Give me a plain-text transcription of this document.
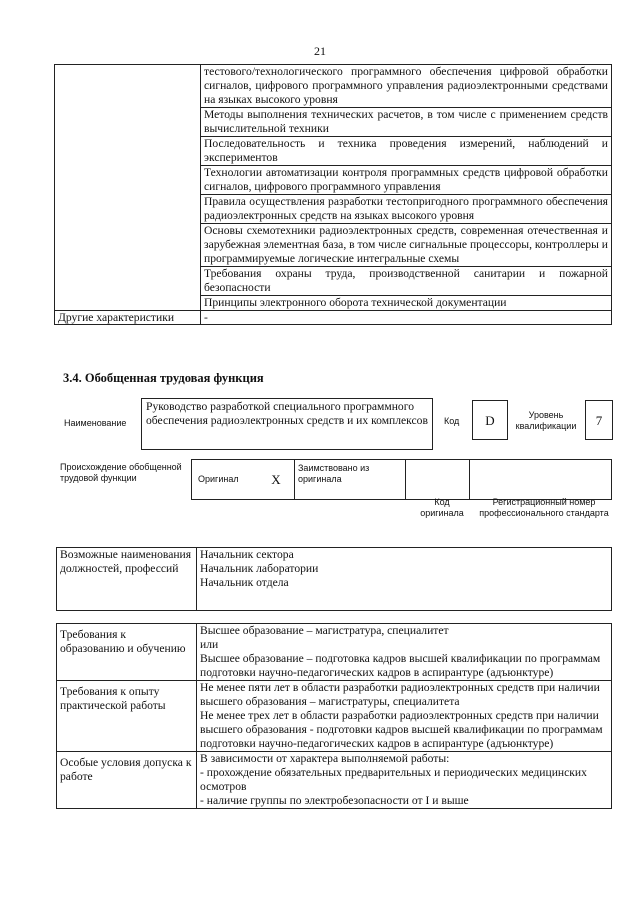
21
	тестового/технологического программного обеспечения цифровой обработки сигналов, цифрового программного управления радиоэлектронными средствами на языках высокого уровня
	Методы выполнения технических расчетов, в том числе с применением средств вычислительной техники
	Последовательность и техника проведения измерений, наблюдений и экспериментов
	Технологии автоматизации контроля программных средств цифровой обработки сигналов, цифрового программного управления
	Правила осуществления разработки тестопригодного программного обеспечения радиоэлектронных средств на языках высокого уровня
	Основы схемотехники радиоэлектронных средств, современная отечественная и зарубежная элементная база, в том числе сигнальные процессоры, контроллеры и программируемые логические интегральные схемы
	Требования охраны труда, производственной санитарии и пожарной безопасности
	Принципы электронного оборота технической документации
Другие характеристики	-
3.4. Обобщенная трудовая функция
Наименование
Руководство разработкой специального программного обеспечения радиоэлектронных средств и их комплексов	Код	D	Уровень квалификации	7
Происхождение обобщенной трудовой функции	Оригинал	X	Заимствовано из оригинала		
Код оригинала
Регистрационный номер профессионального стандарта
Возможные наименования должностей, профессий	
Начальник сектора
Начальник лаборатории
Начальник отдела
Требования к образованию и обучению	Высшее образование – магистратура, специалитет
или
Высшее образование – подготовка кадров высшей квалификации по программам подготовки научно-педагогических кадров в аспирантуре (адъюнктуре)

Требования к опыту практической работы	Не менее пяти лет в области разработки радиоэлектронных средств при наличии высшего образования – магистратуры, специалитета
Не менее трех лет в области разработки радиоэлектронных средств при наличии высшего образования - подготовки кадров высшей квалификации по программам подготовки научно-педагогических кадров в аспирантуре (адъюнктуре)

Особые условия допуска к работе	В зависимости от характера выполняемой работы:
- прохождение обязательных предварительных и периодических медицинских осмотров
- наличие группы по электробезопасности от I и выше
